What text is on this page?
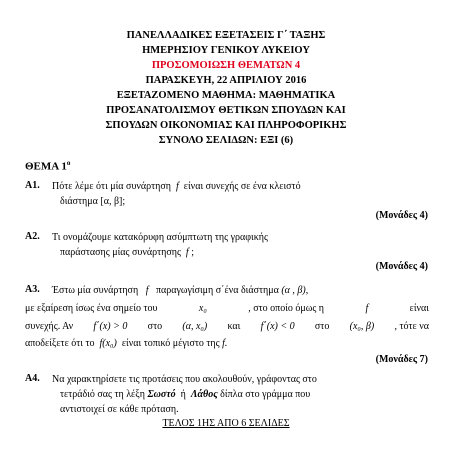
ΠΑΝΕΛΛΑΔΙΚΕΣ ΕΞΕΤΑΣΕΙΣ Γ΄ ΤΑΞΗΣ
ΗΜΕΡΗΣΙΟΥ ΓΕΝΙΚΟΥ ΛΥΚΕΙΟΥ
ΠΡΟΣΟΜΟΙΩΣΗ ΘΕΜΑΤΩΝ 4
ΠΑΡΑΣΚΕΥΗ, 22 ΑΠΡΙΛΙΟΥ 2016
ΕΞΕΤΑΖΟΜΕΝΟ ΜΑΘΗΜΑ: ΜΑΘΗΜΑΤΙΚΑ
ΠΡΟΣΑΝΑΤΟΛΙΣΜΟΥ ΘΕΤΙΚΩΝ ΣΠΟΥΔΩΝ ΚΑΙ
ΣΠΟΥΔΩΝ ΟΙΚΟΝΟΜΙΑΣ ΚΑΙ ΠΛΗΡΟΦΟΡΙΚΗΣ
ΣΥΝΟΛΟ ΣΕΛΙΔΩΝ: ΕΞΙ (6)
ΘΕΜΑ $1^o$
Α1. Πότε λέμε ότι μία συνάρτηση f είναι συνεχής σε ένα κλειστό
διάστημα [α, β];
(Μονάδες 4)
Α2. Τι ονομάζουμε κατακόρυφη ασύμπτωτη της γραφικής
παράστασης μίας συνάρτησης f ;
(Μονάδες 4)
Α3. Έστω μία συνάρτηση f παραγωγίσιμη σ΄ένα διάστημα (α , β),
με εξαίρεση ίσως ένα σημείο του	x₀	, στο οποίο όμως η	f	είναι
συνεχής. Αν f΄(x) > 0 στο (α, x₀) και f΄(x) < 0 στο (x₀, β) , τότε να
αποδείξετε ότι το f(x₀) είναι τοπικό μέγιστο της f.
(Μονάδες 7)
Α4. Να χαρακτηρίσετε τις προτάσεις που ακολουθούν, γράφοντας στο
τετράδιό σας τη λέξη Σωστό ή Λάθος δίπλα στο γράμμα που
αντιστοιχεί σε κάθε πρόταση.
ΤΕΛΟΣ 1ΗΣ ΑΠΟ 6 ΣΕΛΙΔΕΣ
